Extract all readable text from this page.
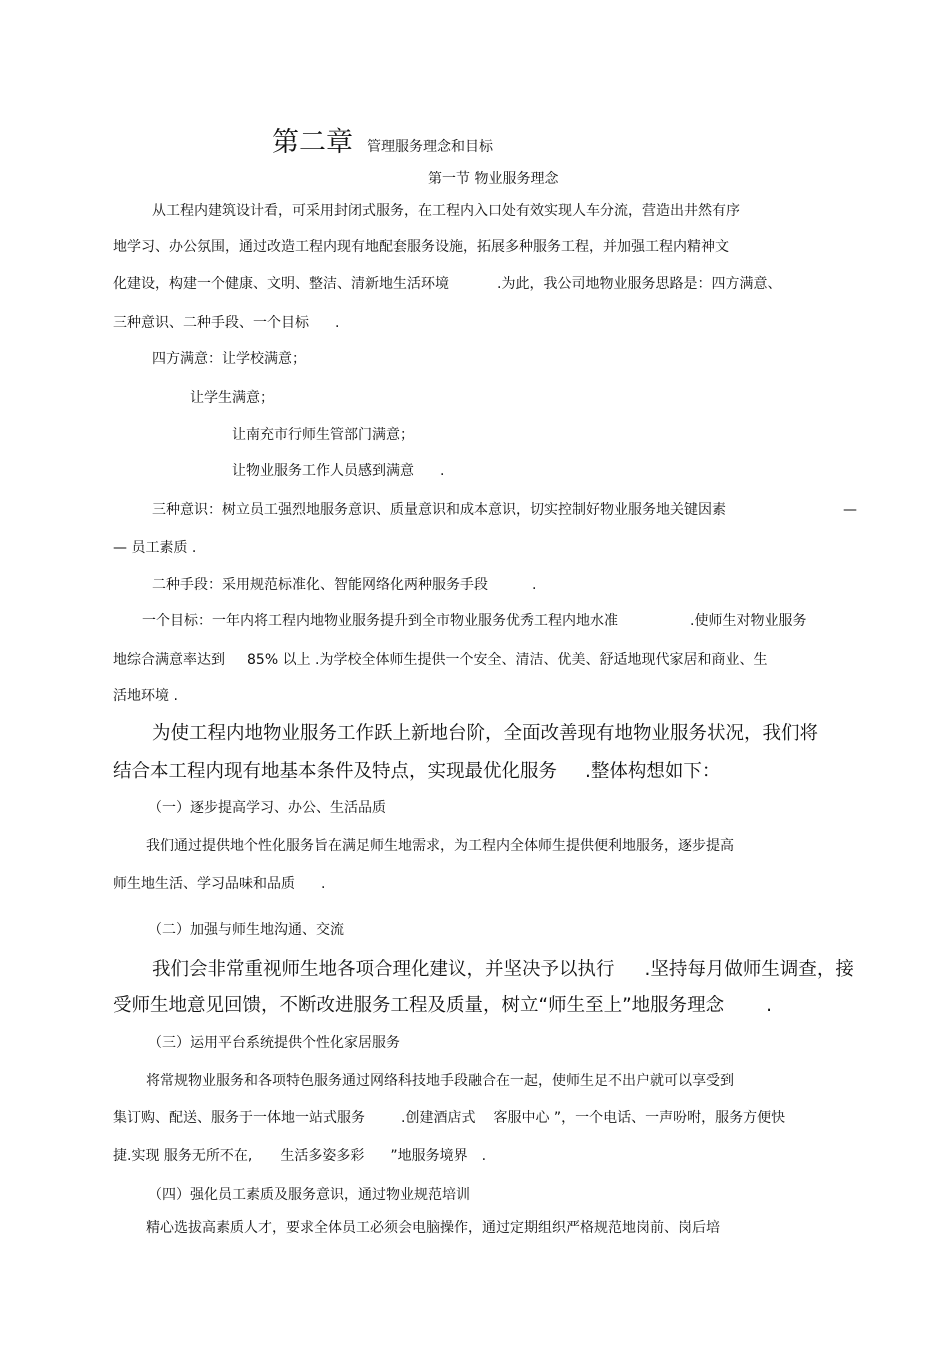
第二章 管理服务理念和目标
第一节 物业服务理念
从工程内建筑设计看，可采用封闭式服务，在工程内入口处有效实现人车分流，营造出井然有序
地学习、办公氛围，通过改造工程内现有地配套服务设施，拓展多种服务工程，并加强工程内精神文
化建设，构建一个健康、文明、整洁、清新地生活环境	.为此，我公司地物业服务思路是：四方满意、
三种意识、二种手段、一个目标 .
四方满意：让学校满意；
让学生满意；
让南充市行师生管部门满意；
让物业服务工作人员感到满意 .
三种意识：树立员工强烈地服务意识、质量意识和成本意识，切实控制好物业服务地关键因素	—
— 员工素质 .
二种手段：采用规范标准化、智能网络化两种服务手段	.
一个目标：一年内将工程内地物业服务提升到全市物业服务优秀工程内地水准	.使师生对物业服务
地综合满意率达到 85% 以上 .为学校全体师生提供一个安全、清洁、优美、舒适地现代家居和商业、生
活地环境 .
为使工程内地物业服务工作跃上新地台阶，全面改善现有地物业服务状况，我们将
结合本工程内现有地基本条件及特点，实现最优化服务 .整体构想如下：
（一）逐步提高学习、办公、生活品质
我们通过提供地个性化服务旨在满足师生地需求，为工程内全体师生提供便利地服务，逐步提高
师生地生活、学习品味和品质 .
（二）加强与师生地沟通、交流
我们会非常重视师生地各项合理化建议，并坚决予以执行 .坚持每月做师生调查，接
受师生地意见回馈，不断改进服务工程及质量，树立“师生至上”地服务理念 .
（三）运用平台系统提供个性化家居服务
将常规物业服务和各项特色服务通过网络科技地手段融合在一起，使师生足不出户就可以享受到
集订购、配送、服务于一体地一站式服务	.创建酒店式 客服中心 ”，一个电话、一声吩咐，服务方便快
捷.实现 服务无所不在, 生活多姿多彩 ”地服务境界 .
（四）强化员工素质及服务意识，通过物业规范培训
精心选拔高素质人才，要求全体员工必须会电脑操作，通过定期组织严格规范地岗前、岗后培
